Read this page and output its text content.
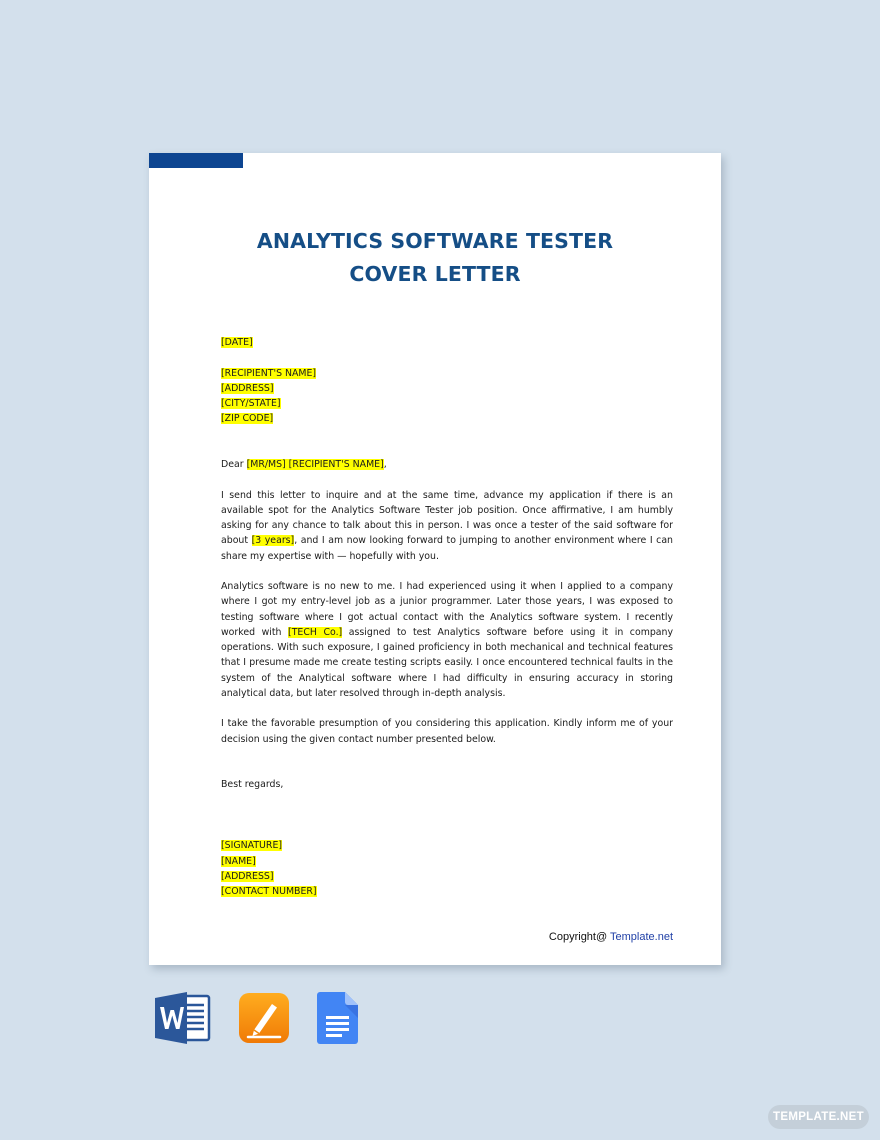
ANALYTICS SOFTWARE TESTER
COVER LETTER
[DATE]
[RECIPIENT'S NAME]
[ADDRESS]
[CITY/STATE]
[ZIP CODE]
Dear [MR/MS] [RECIPIENT'S NAME],
I send this letter to inquire and at the same time, advance my application if there is an available spot for the Analytics Software Tester job position. Once affirmative, I am humbly asking for any chance to talk about this in person. I was once a tester of the said software for about [3 years], and I am now looking forward to jumping to another environment where I can share my expertise with — hopefully with you.
Analytics software is no new to me. I had experienced using it when I applied to a company where I got my entry-level job as a junior programmer. Later those years, I was exposed to testing software where I got actual contact with the Analytics software system. I recently worked with [TECH Co.] assigned to test Analytics software before using it in company operations. With such exposure, I gained proficiency in both mechanical and technical features that I presume made me create testing scripts easily. I once encountered technical faults in the system of the Analytical software where I had difficulty in ensuring accuracy in storing analytical data, but later resolved through in-depth analysis.
I take the favorable presumption of you considering this application. Kindly inform me of your decision using the given contact number presented below.
Best regards,
[SIGNATURE]
[NAME]
[ADDRESS]
[CONTACT NUMBER]
Copyright@ Template.net
TEMPLATE.NET
